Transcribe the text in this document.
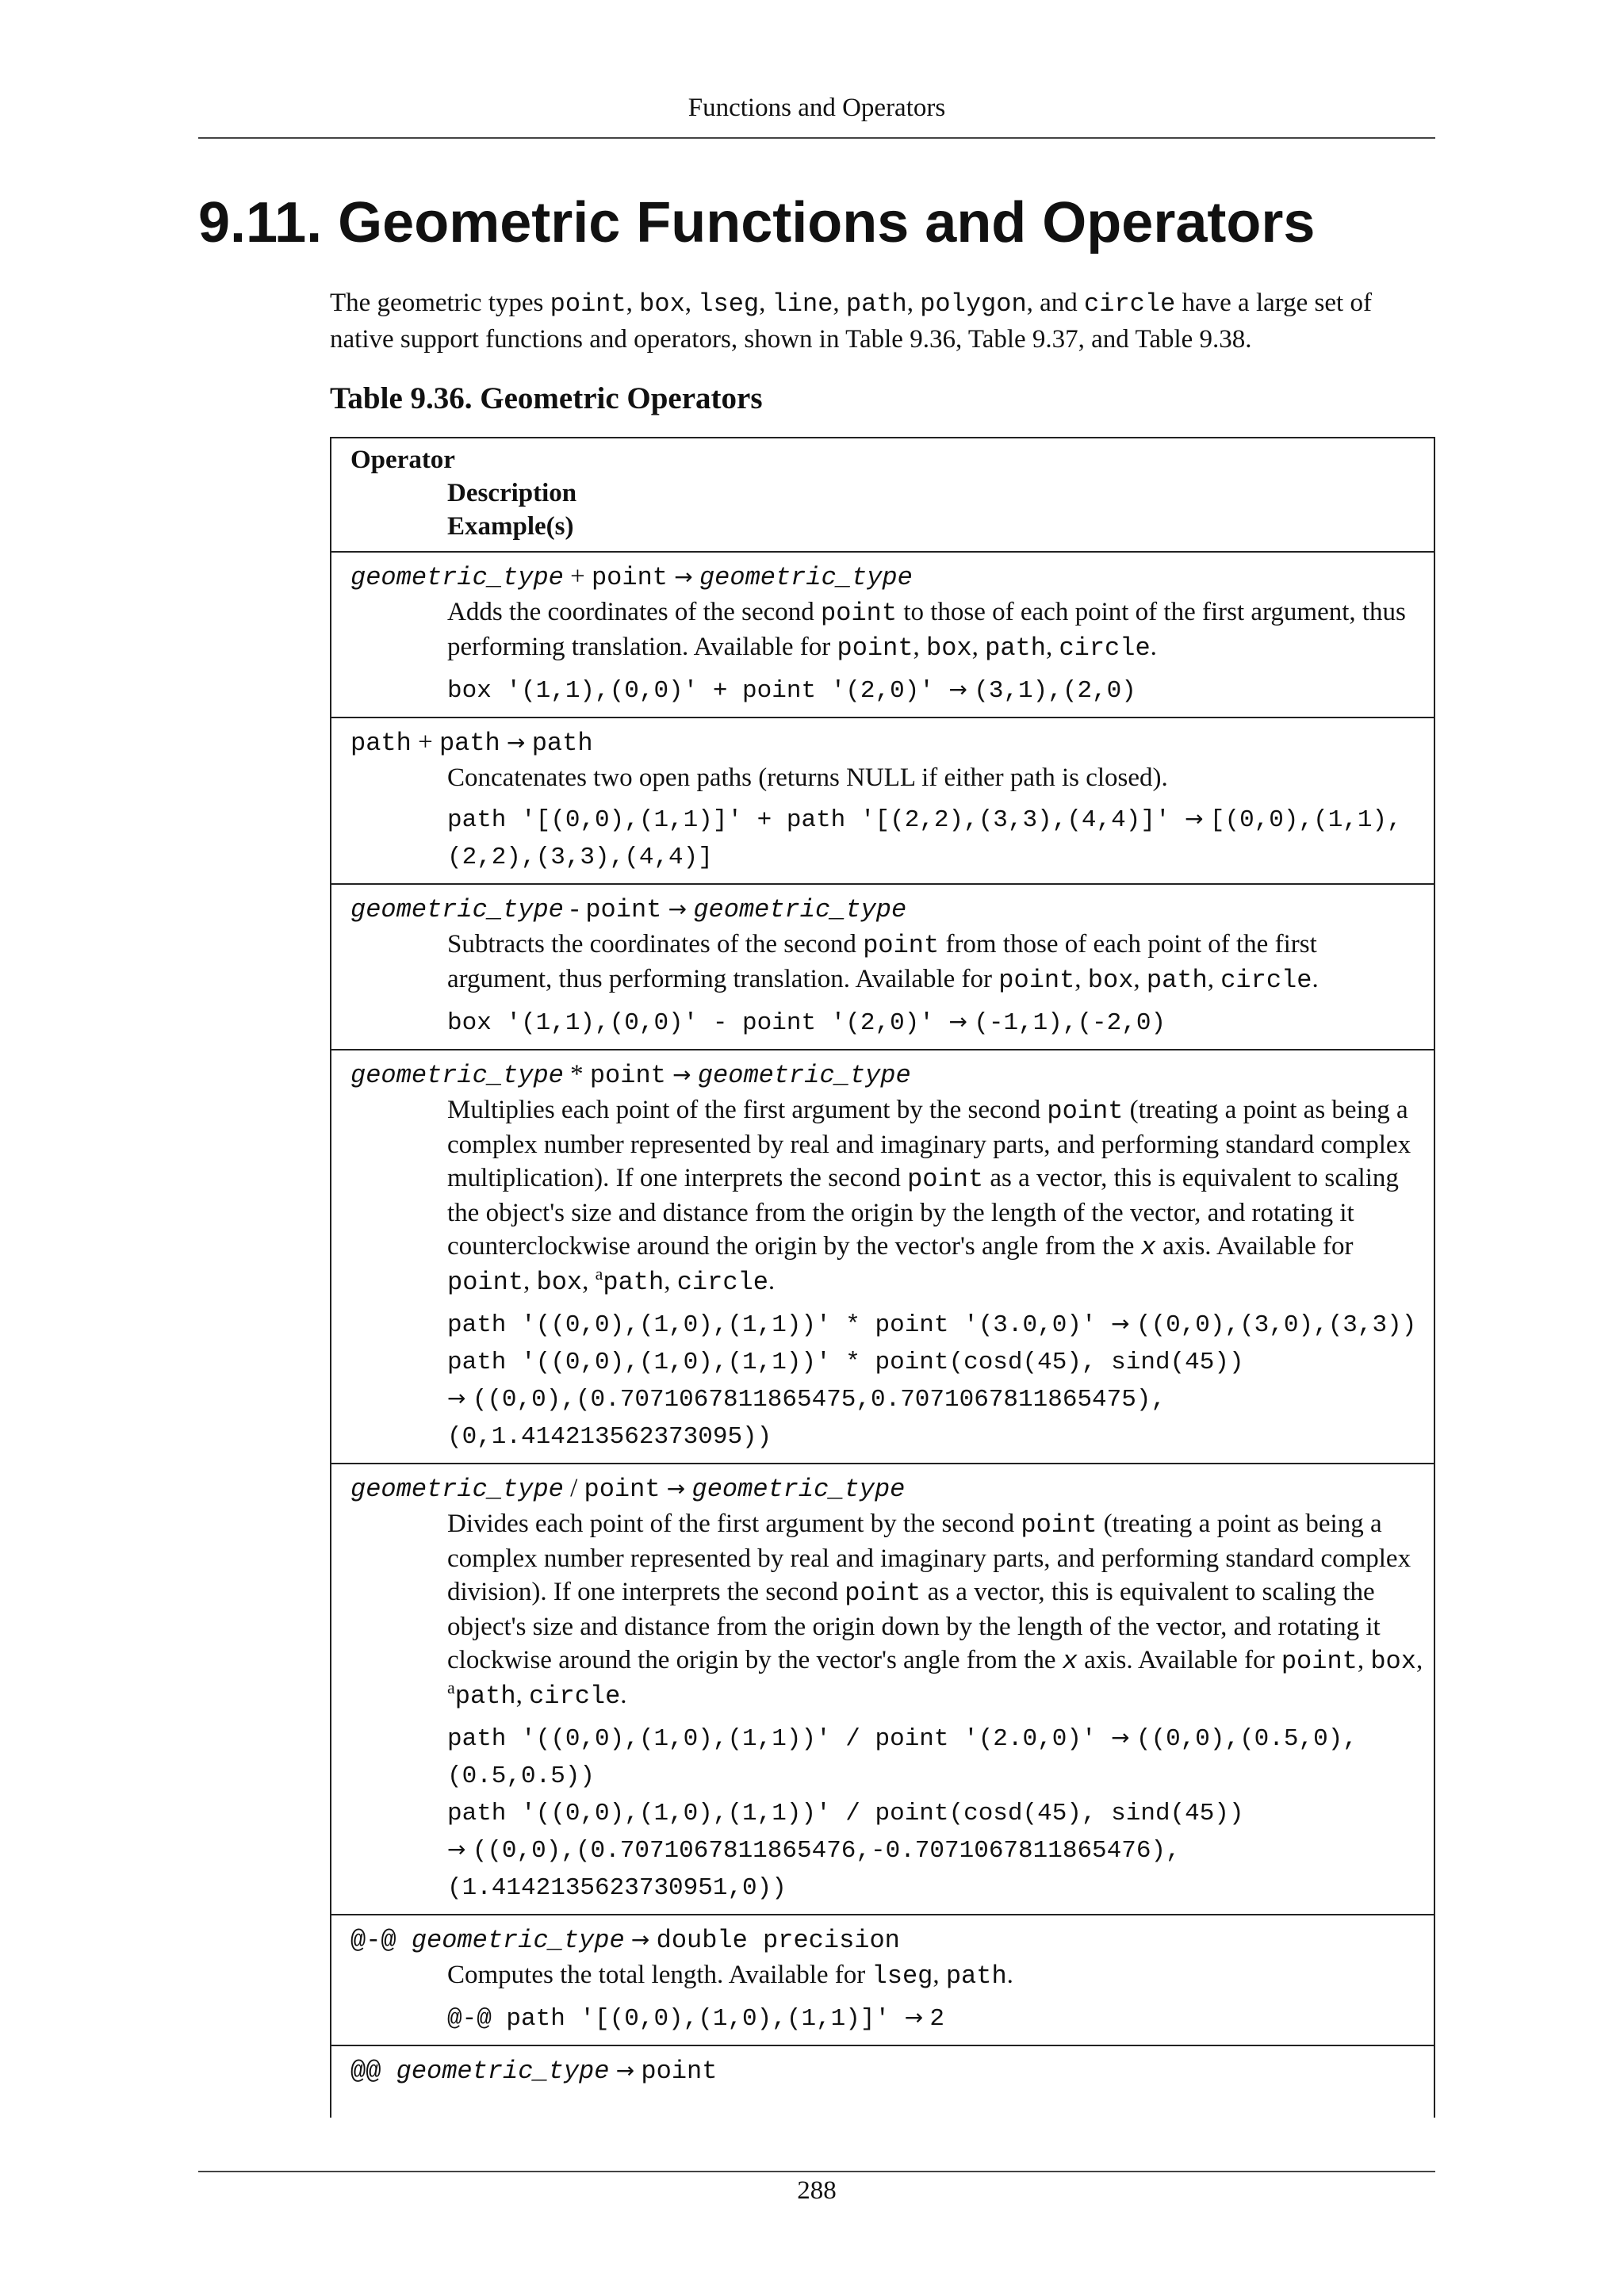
Functions and Operators
9.11. Geometric Functions and Operators

The geometric types point, box, lseg, line, path, polygon, and circle have a large set of native support functions and operators, shown in Table 9.36, Table 9.37, and Table 9.38.

Table 9.36. Geometric Operators
Operator
Description
Example(s)
geometric_type + point → geometric_type
Adds the coordinates of the second point to those of each point of the first argument, thus performing translation. Available for point, box, path, circle.
box '(1,1),(0,0)' + point '(2,0)' → (3,1),(2,0)
path + path → path
Concatenates two open paths (returns NULL if either path is closed).
path '[(0,0),(1,1)]' + path '[(2,2),(3,3),(4,4)]' → [(0,0),(1,1),(2,2),(3,3),(4,4)]
geometric_type - point → geometric_type
Subtracts the coordinates of the second point from those of each point of the first argument, thus performing translation. Available for point, box, path, circle.
box '(1,1),(0,0)' - point '(2,0)' → (-1,1),(-2,0)
geometric_type * point → geometric_type
Multiplies each point of the first argument by the second point (treating a point as being a complex number represented by real and imaginary parts, and performing standard complex multiplication). If one interprets the second point as a vector, this is equivalent to scaling the object's size and distance from the origin by the length of the vector, and rotating it counterclockwise around the origin by the vector's angle from the x axis. Available for point, box, $^a$path, circle.
path '((0,0),(1,0),(1,1))' * point '(3.0,0)' → ((0,0),(3,0),(3,3))
path '((0,0),(1,0),(1,1))' * point(cosd(45), sind(45))
→ ((0,0),(0.7071067811865475,0.7071067811865475),(0,1.414213562373095))
geometric_type / point → geometric_type
Divides each point of the first argument by the second point (treating a point as being a complex number represented by real and imaginary parts, and performing standard complex division). If one interprets the second point as a vector, this is equivalent to scaling the object's size and distance from the origin down by the length of the vector, and rotating it clockwise around the origin by the vector's angle from the x axis. Available for point, box, $^a$path, circle.
path '((0,0),(1,0),(1,1))' / point '(2.0,0)' → ((0,0),(0.5,0),(0.5,0.5))
path '((0,0),(1,0),(1,1))' / point(cosd(45), sind(45))
→ ((0,0),(0.7071067811865476,-0.7071067811865476),(1.4142135623730951,0))
@-@ geometric_type → double precision
Computes the total length. Available for lseg, path.
@-@ path '[(0,0),(1,0),(1,1)]' → 2
@@ geometric_type → point
288
